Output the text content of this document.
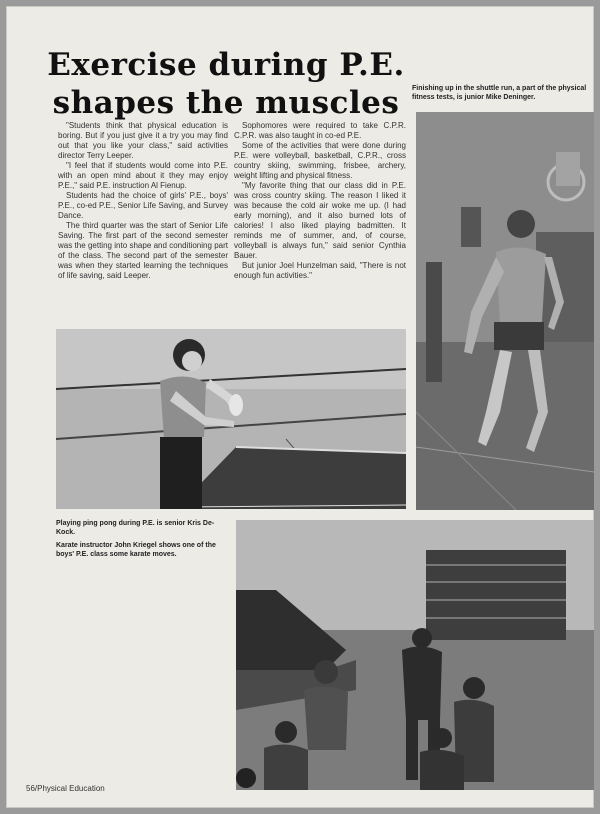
Exercise during P.E.
shapes the muscles	Finishing up in the shuttle run, a part of the physical fitness tests, is junior Mike Deninger.

"Students think that physical education is boring. But if you just give it a try you may find out that you like your class," said activities director Terry Leeper.

"I feel that if students would come into P.E. with an open mind about it they may enjoy P.E.," said P.E. instruction Al Fienup.

Students had the choice of girls' P.E., boys' P.E., co-ed P.E., Senior Life Saving, and Survey Dance.

The third quarter was the start of Senior Life Saving. The first part of the second semester was the getting into shape and conditioning part of the class. The second part of the semester was when they started learning the techniques of life saving, said Leeper.

Sophomores were required to take C.P.R. C.P.R. was also taught in co-ed P.E.

Some of the activities that were done during P.E. were volleyball, basketball, C.P.R., cross country skiing, swimming, frisbee, archery, weight lifting and physical fitness.

"My favorite thing that our class did in P.E. was cross country skiing. The reason I liked it was because the cold air woke me up. (I had early morning), and it also burned lots of calories! I also liked playing badmitten. It reminds me of summer, and, of course, volleyball is always fun," said senior Cynthia Bauer.

But junior Joel Hunzelman said, "There is not enough fun activities."

Playing ping pong during P.E. is senior Kris De-Kock.

Karate instructor John Kriegel shows one of the boys' P.E. class some karate moves.

56/Physical Education
